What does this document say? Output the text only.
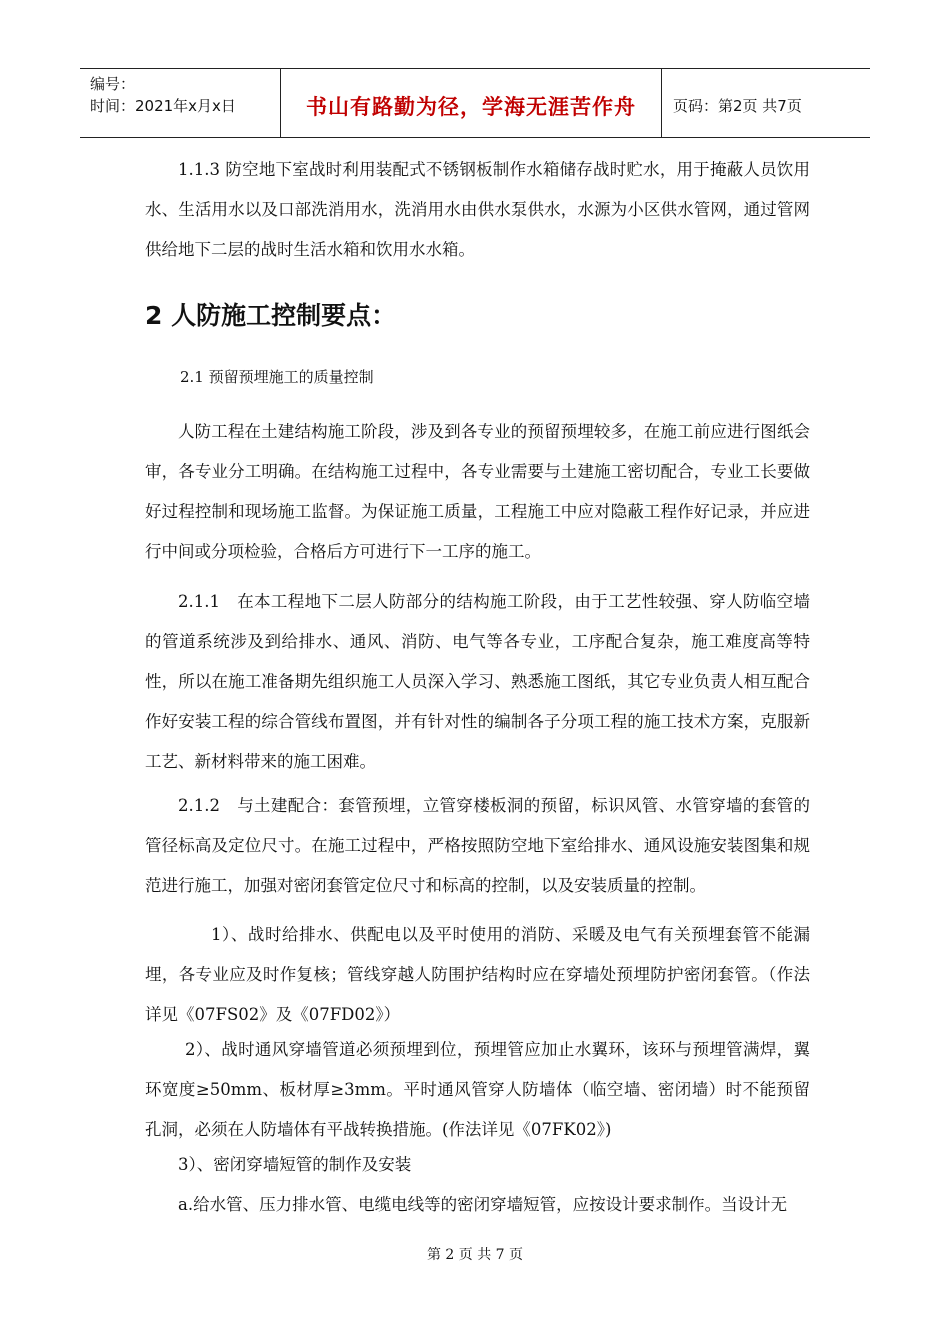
编号：
时间：2021年x月x日	书山有路勤为径，学海无涯苦作舟	页码：第2页 共7页

1.1.3 防空地下室战时利用装配式不锈钢板制作水箱储存战时贮水，用于掩蔽人员饮用水、生活用水以及口部洗消用水，洗消用水由供水泵供水，水源为小区供水管网，通过管网供给地下二层的战时生活水箱和饮用水水箱。

2 人防施工控制要点：

2.1 预留预埋施工的质量控制

人防工程在土建结构施工阶段，涉及到各专业的预留预埋较多，在施工前应进行图纸会审，各专业分工明确。在结构施工过程中，各专业需要与土建施工密切配合，专业工长要做好过程控制和现场施工监督。为保证施工质量，工程施工中应对隐蔽工程作好记录，并应进行中间或分项检验，合格后方可进行下一工序的施工。

2.1.1　在本工程地下二层人防部分的结构施工阶段，由于工艺性较强、穿人防临空墙的管道系统涉及到给排水、通风、消防、电气等各专业，工序配合复杂，施工难度高等特性，所以在施工准备期先组织施工人员深入学习、熟悉施工图纸，其它专业负责人相互配合作好安装工程的综合管线布置图，并有针对性的编制各子分项工程的施工技术方案，克服新工艺、新材料带来的施工困难。

2.1.2　与土建配合：套管预埋，立管穿楼板洞的预留，标识风管、水管穿墙的套管的管径标高及定位尺寸。在施工过程中，严格按照防空地下室给排水、通风设施安装图集和规范进行施工，加强对密闭套管定位尺寸和标高的控制，以及安装质量的控制。

1）、战时给排水、供配电以及平时使用的消防、采暖及电气有关预埋套管不能漏埋，各专业应及时作复核；管线穿越人防围护结构时应在穿墙处预埋防护密闭套管。（作法详见《07FS02》及《07FD02》）

2）、战时通风穿墙管道必须预埋到位，预埋管应加止水翼环，该环与预埋管满焊，翼环宽度≥50mm、板材厚≥3mm。平时通风管穿人防墙体（临空墙、密闭墙）时不能预留孔洞，必须在人防墙体有平战转换措施。(作法详见《07FK02》)

3）、密闭穿墙短管的制作及安装

a.给水管、压力排水管、电缆电线等的密闭穿墙短管，应按设计要求制作。当设计无

第 2 页 共 7 页
